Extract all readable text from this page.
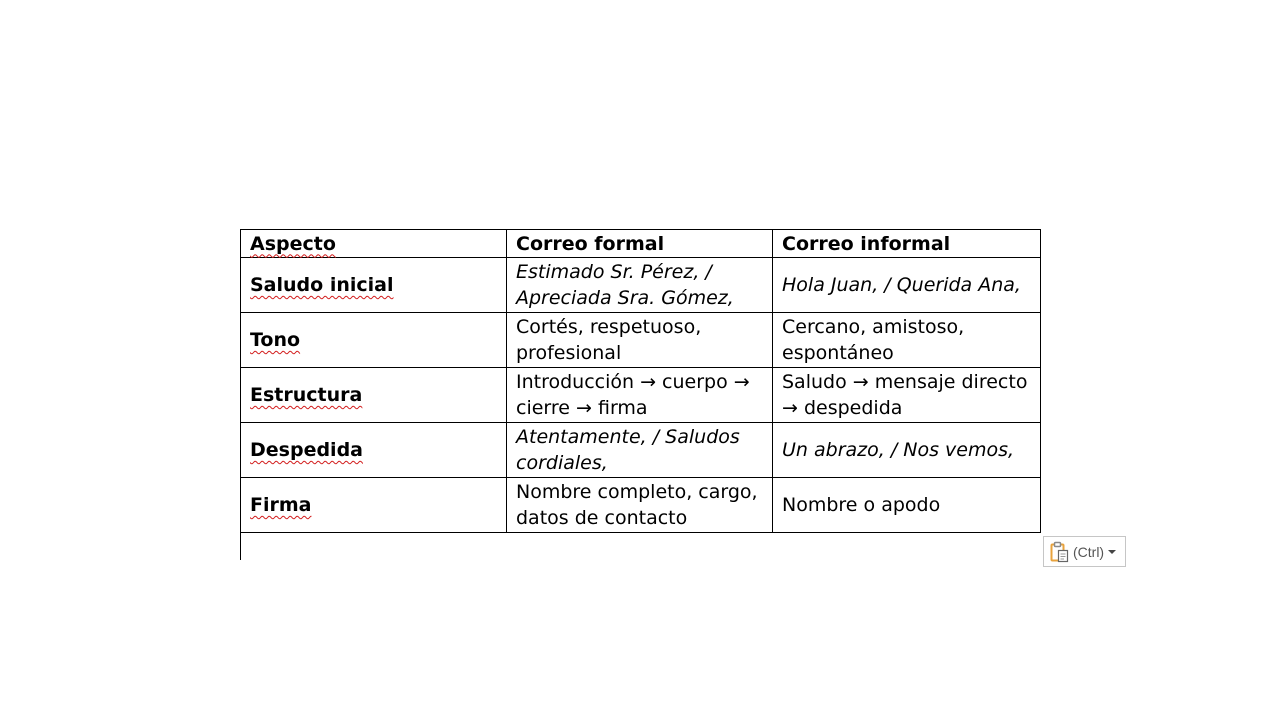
Aspecto	Correo formal	Correo informal
Saludo inicial	Estimado Sr. Pérez, / Apreciada Sra. Gómez,	Hola Juan, / Querida Ana,
Tono	Cortés, respetuoso, profesional	Cercano, amistoso, espontáneo
Estructura	Introducción → cuerpo → cierre → firma	Saludo → mensaje directo → despedida
Despedida	Atentamente, / Saludos cordiales,	Un abrazo, / Nos vemos,
Firma	Nombre completo, cargo, datos de contacto	Nombre o apodo
(Ctrl)
